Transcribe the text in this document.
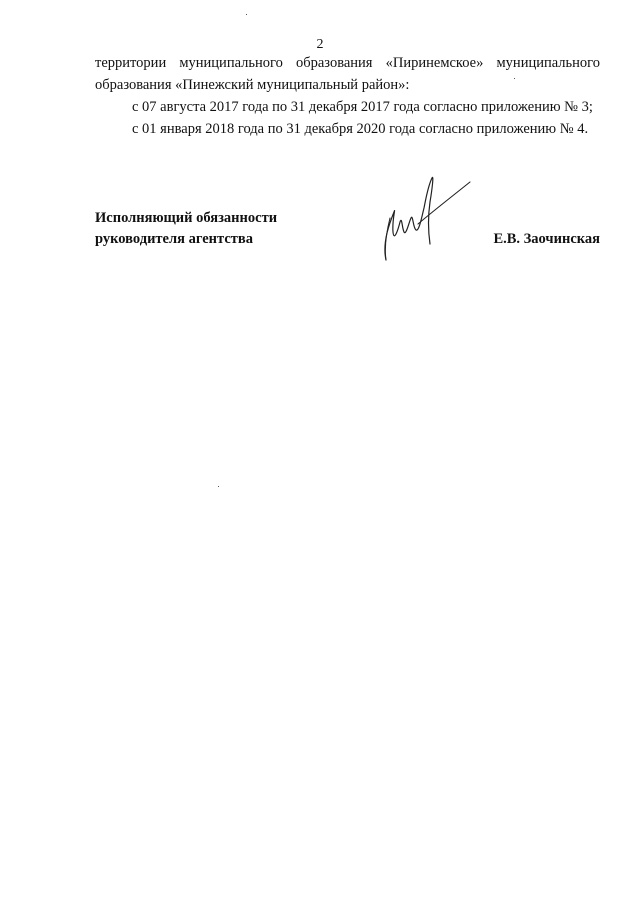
2

территории муниципального образования «Пиринемское» муниципального образования «Пинежский муниципальный район»:

с 07 августа 2017 года по 31 декабря 2017 года согласно приложению № 3;

с 01 января 2018 года по 31 декабря 2020 года согласно приложению № 4.

Исполняющий обязанности
руководителя агентства	Е.В. Заочинская
